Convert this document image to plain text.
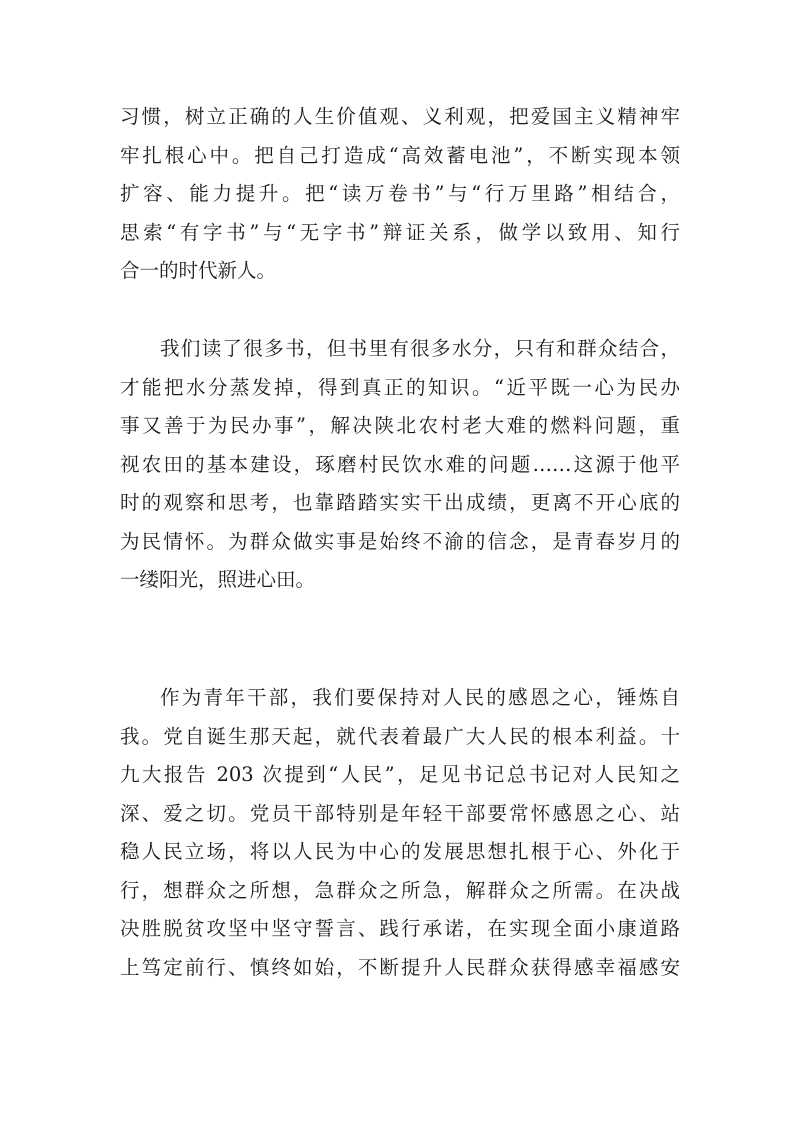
习惯，树立正确的人生价值观、义利观，把爱国主义精神牢
牢扎根心中。把自己打造成“高效蓄电池”，不断实现本领
扩容、能力提升。把“读万卷书”与“行万里路”相结合，
思索“有字书”与“无字书”辩证关系，做学以致用、知行
合一的时代新人。
我们读了很多书，但书里有很多水分，只有和群众结合，
才能把水分蒸发掉，得到真正的知识。“近平既一心为民办
事又善于为民办事”，解决陕北农村老大难的燃料问题，重
视农田的基本建设，琢磨村民饮水难的问题……这源于他平
时的观察和思考，也靠踏踏实实干出成绩，更离不开心底的
为民情怀。为群众做实事是始终不渝的信念，是青春岁月的
一缕阳光，照进心田。
作为青年干部，我们要保持对人民的感恩之心，锤炼自
我。党自诞生那天起，就代表着最广大人民的根本利益。十
九大报告 203 次提到“人民”，足见书记总书记对人民知之
深、爱之切。党员干部特别是年轻干部要常怀感恩之心、站
稳人民立场，将以人民为中心的发展思想扎根于心、外化于
行，想群众之所想，急群众之所急，解群众之所需。在决战
决胜脱贫攻坚中坚守誓言、践行承诺，在实现全面小康道路
上笃定前行、慎终如始，不断提升人民群众获得感幸福感安
